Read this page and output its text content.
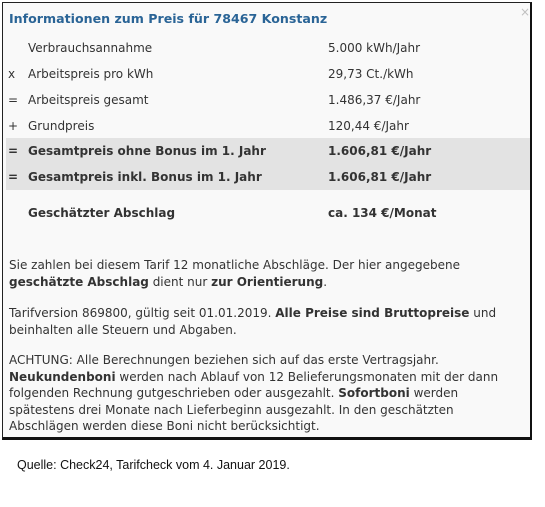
Informationen zum Preis für 78467 Konstanz	×
Verbrauchsannahme	5.000 kWh/Jahr
x Arbeitspreis pro kWh	29,73 Ct./kWh
= Arbeitspreis gesamt	1.486,37 €/Jahr
+ Grundpreis	120,44 €/Jahr
= Gesamtpreis ohne Bonus im 1. Jahr	1.606,81 €/Jahr
= Gesamtpreis inkl. Bonus im 1. Jahr	1.606,81 €/Jahr
Geschätzter Abschlag	ca. 134 €/Monat
Sie zahlen bei diesem Tarif 12 monatliche Abschläge. Der hier angegebene
geschätzte Abschlag dient nur zur Orientierung.
Tarifversion 869800, gültig seit 01.01.2019. Alle Preise sind Bruttopreise und beinhalten alle Steuern und Abgaben.
ACHTUNG: Alle Berechnungen beziehen sich auf das erste Vertragsjahr.
Neukundenboni werden nach Ablauf von 12 Belieferungsmonaten mit der dann folgenden Rechnung gutgeschrieben oder ausgezahlt. Sofortboni werden spätestens drei Monate nach Lieferbeginn ausgezahlt. In den geschätzten Abschlägen werden diese Boni nicht berücksichtigt.
Quelle: Check24, Tarifcheck vom 4. Januar 2019.
